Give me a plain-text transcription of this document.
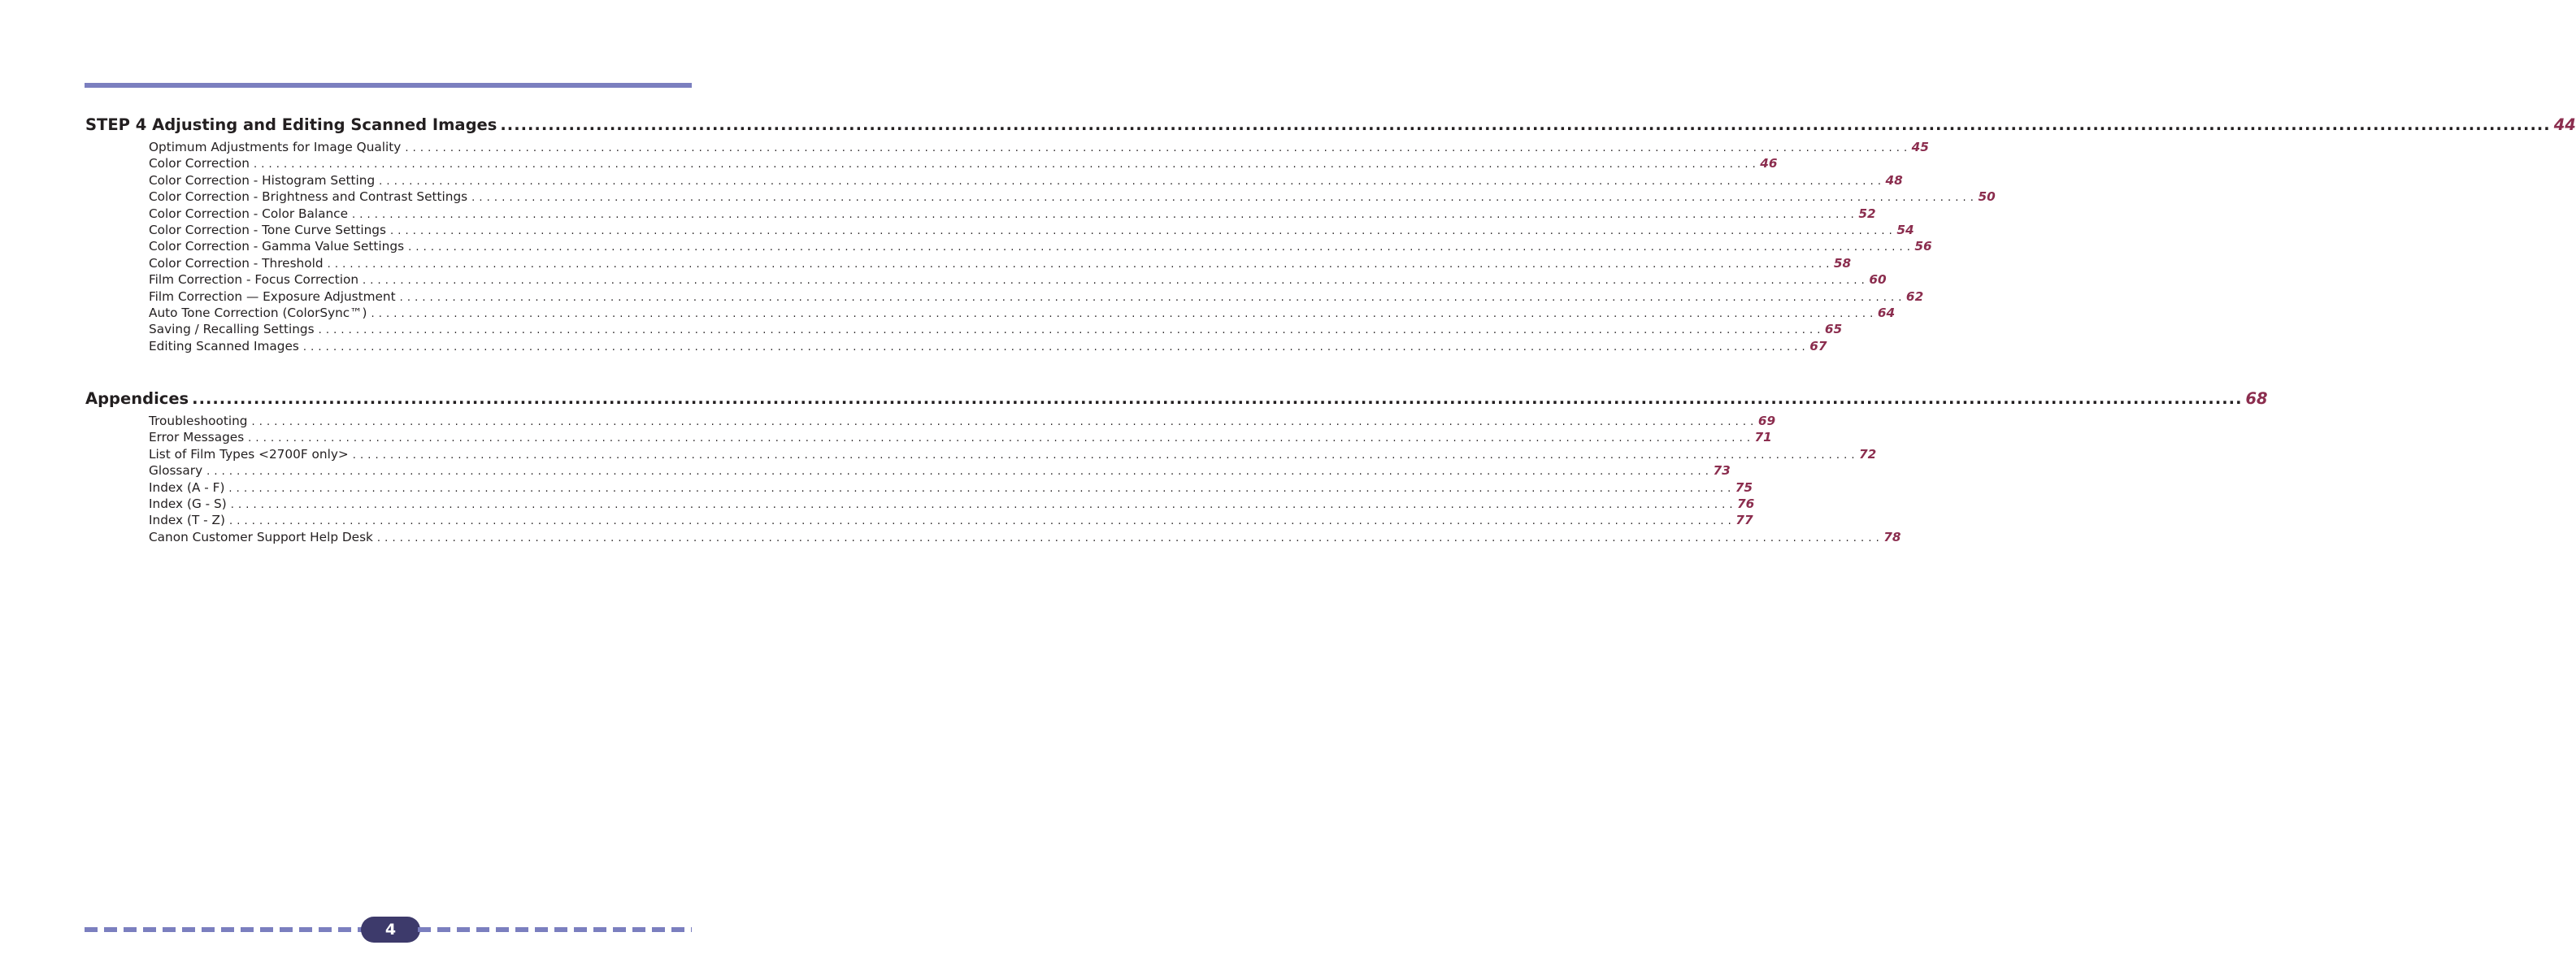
STEP 4 Adjusting and Editing Scanned Images ............................................................................................................................................................................................................................................................................................................ 44
Optimum Adjustments for Image Quality . . . . . . . . . . . . . . . . . . . . . . . . . . . . . . . . . . . . . . . . . . . . . . . . . . . . . . . . . . . . . . . . . . . . . . . . . . . . . . . . . . . . . . . . . . . . . . . . . . . . . . . . . . . . . . . . . . . . . . . . . . . . . . . . . . . . . . . . . . . . . . . . . . . . . . . . . . . . . . . . . . . . . . . . . . . . . . . . . . . . . . . . . . . . . . . . . . . . . . . . 45
Color Correction . . . . . . . . . . . . . . . . . . . . . . . . . . . . . . . . . . . . . . . . . . . . . . . . . . . . . . . . . . . . . . . . . . . . . . . . . . . . . . . . . . . . . . . . . . . . . . . . . . . . . . . . . . . . . . . . . . . . . . . . . . . . . . . . . . . . . . . . . . . . . . . . . . . . . . . . . . . . . . . . . . . . . . . . . . . . . . . . . . . . . . . . . . . . . . . . . . . . . . . . 46
Color Correction - Histogram Setting . . . . . . . . . . . . . . . . . . . . . . . . . . . . . . . . . . . . . . . . . . . . . . . . . . . . . . . . . . . . . . . . . . . . . . . . . . . . . . . . . . . . . . . . . . . . . . . . . . . . . . . . . . . . . . . . . . . . . . . . . . . . . . . . . . . . . . . . . . . . . . . . . . . . . . . . . . . . . . . . . . . . . . . . . . . . . . . . . . . . . . . . . . . . . . . . . . . . . . . . 48
Color Correction - Brightness and Contrast Settings . . . . . . . . . . . . . . . . . . . . . . . . . . . . . . . . . . . . . . . . . . . . . . . . . . . . . . . . . . . . . . . . . . . . . . . . . . . . . . . . . . . . . . . . . . . . . . . . . . . . . . . . . . . . . . . . . . . . . . . . . . . . . . . . . . . . . . . . . . . . . . . . . . . . . . . . . . . . . . . . . . . . . . . . . . . . . . . . . . . . . . . . . . . . . . . . . . . . . . . . 50
Color Correction - Color Balance . . . . . . . . . . . . . . . . . . . . . . . . . . . . . . . . . . . . . . . . . . . . . . . . . . . . . . . . . . . . . . . . . . . . . . . . . . . . . . . . . . . . . . . . . . . . . . . . . . . . . . . . . . . . . . . . . . . . . . . . . . . . . . . . . . . . . . . . . . . . . . . . . . . . . . . . . . . . . . . . . . . . . . . . . . . . . . . . . . . . . . . . . . . . . . . . . . . . . . . . 52
Color Correction - Tone Curve Settings . . . . . . . . . . . . . . . . . . . . . . . . . . . . . . . . . . . . . . . . . . . . . . . . . . . . . . . . . . . . . . . . . . . . . . . . . . . . . . . . . . . . . . . . . . . . . . . . . . . . . . . . . . . . . . . . . . . . . . . . . . . . . . . . . . . . . . . . . . . . . . . . . . . . . . . . . . . . . . . . . . . . . . . . . . . . . . . . . . . . . . . . . . . . . . . . . . . . . . . . 54
Color Correction - Gamma Value Settings . . . . . . . . . . . . . . . . . . . . . . . . . . . . . . . . . . . . . . . . . . . . . . . . . . . . . . . . . . . . . . . . . . . . . . . . . . . . . . . . . . . . . . . . . . . . . . . . . . . . . . . . . . . . . . . . . . . . . . . . . . . . . . . . . . . . . . . . . . . . . . . . . . . . . . . . . . . . . . . . . . . . . . . . . . . . . . . . . . . . . . . . . . . . . . . . . . . . . . . . 56
Color Correction - Threshold . . . . . . . . . . . . . . . . . . . . . . . . . . . . . . . . . . . . . . . . . . . . . . . . . . . . . . . . . . . . . . . . . . . . . . . . . . . . . . . . . . . . . . . . . . . . . . . . . . . . . . . . . . . . . . . . . . . . . . . . . . . . . . . . . . . . . . . . . . . . . . . . . . . . . . . . . . . . . . . . . . . . . . . . . . . . . . . . . . . . . . . . . . . . . . . . . . . . . . . . 58
Film Correction - Focus Correction . . . . . . . . . . . . . . . . . . . . . . . . . . . . . . . . . . . . . . . . . . . . . . . . . . . . . . . . . . . . . . . . . . . . . . . . . . . . . . . . . . . . . . . . . . . . . . . . . . . . . . . . . . . . . . . . . . . . . . . . . . . . . . . . . . . . . . . . . . . . . . . . . . . . . . . . . . . . . . . . . . . . . . . . . . . . . . . . . . . . . . . . . . . . . . . . . . . . . . . . 60
Film Correction — Exposure Adjustment . . . . . . . . . . . . . . . . . . . . . . . . . . . . . . . . . . . . . . . . . . . . . . . . . . . . . . . . . . . . . . . . . . . . . . . . . . . . . . . . . . . . . . . . . . . . . . . . . . . . . . . . . . . . . . . . . . . . . . . . . . . . . . . . . . . . . . . . . . . . . . . . . . . . . . . . . . . . . . . . . . . . . . . . . . . . . . . . . . . . . . . . . . . . . . . . . . . . . . . . 62
Auto Tone Correction (ColorSync™) . . . . . . . . . . . . . . . . . . . . . . . . . . . . . . . . . . . . . . . . . . . . . . . . . . . . . . . . . . . . . . . . . . . . . . . . . . . . . . . . . . . . . . . . . . . . . . . . . . . . . . . . . . . . . . . . . . . . . . . . . . . . . . . . . . . . . . . . . . . . . . . . . . . . . . . . . . . . . . . . . . . . . . . . . . . . . . . . . . . . . . . . . . . . . . . . . . . . . . . . 64
Saving / Recalling Settings . . . . . . . . . . . . . . . . . . . . . . . . . . . . . . . . . . . . . . . . . . . . . . . . . . . . . . . . . . . . . . . . . . . . . . . . . . . . . . . . . . . . . . . . . . . . . . . . . . . . . . . . . . . . . . . . . . . . . . . . . . . . . . . . . . . . . . . . . . . . . . . . . . . . . . . . . . . . . . . . . . . . . . . . . . . . . . . . . . . . . . . . . . . . . . . . . . . . . . . . 65
Editing Scanned Images . . . . . . . . . . . . . . . . . . . . . . . . . . . . . . . . . . . . . . . . . . . . . . . . . . . . . . . . . . . . . . . . . . . . . . . . . . . . . . . . . . . . . . . . . . . . . . . . . . . . . . . . . . . . . . . . . . . . . . . . . . . . . . . . . . . . . . . . . . . . . . . . . . . . . . . . . . . . . . . . . . . . . . . . . . . . . . . . . . . . . . . . . . . . . . . . . . . . . . . . 67
Appendices ............................................................................................................................................................................................................................................................................................................ 68
Troubleshooting . . . . . . . . . . . . . . . . . . . . . . . . . . . . . . . . . . . . . . . . . . . . . . . . . . . . . . . . . . . . . . . . . . . . . . . . . . . . . . . . . . . . . . . . . . . . . . . . . . . . . . . . . . . . . . . . . . . . . . . . . . . . . . . . . . . . . . . . . . . . . . . . . . . . . . . . . . . . . . . . . . . . . . . . . . . . . . . . . . . . . . . . . . . . . . . . . . . . . . . . 69
Error Messages . . . . . . . . . . . . . . . . . . . . . . . . . . . . . . . . . . . . . . . . . . . . . . . . . . . . . . . . . . . . . . . . . . . . . . . . . . . . . . . . . . . . . . . . . . . . . . . . . . . . . . . . . . . . . . . . . . . . . . . . . . . . . . . . . . . . . . . . . . . . . . . . . . . . . . . . . . . . . . . . . . . . . . . . . . . . . . . . . . . . . . . . . . . . . . . . . . . . . . . . 71
List of Film Types <2700F only> . . . . . . . . . . . . . . . . . . . . . . . . . . . . . . . . . . . . . . . . . . . . . . . . . . . . . . . . . . . . . . . . . . . . . . . . . . . . . . . . . . . . . . . . . . . . . . . . . . . . . . . . . . . . . . . . . . . . . . . . . . . . . . . . . . . . . . . . . . . . . . . . . . . . . . . . . . . . . . . . . . . . . . . . . . . . . . . . . . . . . . . . . . . . . . . . . . . . . . . . 72
Glossary . . . . . . . . . . . . . . . . . . . . . . . . . . . . . . . . . . . . . . . . . . . . . . . . . . . . . . . . . . . . . . . . . . . . . . . . . . . . . . . . . . . . . . . . . . . . . . . . . . . . . . . . . . . . . . . . . . . . . . . . . . . . . . . . . . . . . . . . . . . . . . . . . . . . . . . . . . . . . . . . . . . . . . . . . . . . . . . . . . . . . . . . . . . . . . . . . . . . . . . . 73
Index (A - F) . . . . . . . . . . . . . . . . . . . . . . . . . . . . . . . . . . . . . . . . . . . . . . . . . . . . . . . . . . . . . . . . . . . . . . . . . . . . . . . . . . . . . . . . . . . . . . . . . . . . . . . . . . . . . . . . . . . . . . . . . . . . . . . . . . . . . . . . . . . . . . . . . . . . . . . . . . . . . . . . . . . . . . . . . . . . . . . . . . . . . . . . . . . . . . . . . . . . . . . . 75
Index (G - S) . . . . . . . . . . . . . . . . . . . . . . . . . . . . . . . . . . . . . . . . . . . . . . . . . . . . . . . . . . . . . . . . . . . . . . . . . . . . . . . . . . . . . . . . . . . . . . . . . . . . . . . . . . . . . . . . . . . . . . . . . . . . . . . . . . . . . . . . . . . . . . . . . . . . . . . . . . . . . . . . . . . . . . . . . . . . . . . . . . . . . . . . . . . . . . . . . . . . . . . . 76
Index (T - Z) . . . . . . . . . . . . . . . . . . . . . . . . . . . . . . . . . . . . . . . . . . . . . . . . . . . . . . . . . . . . . . . . . . . . . . . . . . . . . . . . . . . . . . . . . . . . . . . . . . . . . . . . . . . . . . . . . . . . . . . . . . . . . . . . . . . . . . . . . . . . . . . . . . . . . . . . . . . . . . . . . . . . . . . . . . . . . . . . . . . . . . . . . . . . . . . . . . . . . . . . 77
Canon Customer Support Help Desk . . . . . . . . . . . . . . . . . . . . . . . . . . . . . . . . . . . . . . . . . . . . . . . . . . . . . . . . . . . . . . . . . . . . . . . . . . . . . . . . . . . . . . . . . . . . . . . . . . . . . . . . . . . . . . . . . . . . . . . . . . . . . . . . . . . . . . . . . . . . . . . . . . . . . . . . . . . . . . . . . . . . . . . . . . . . . . . . . . . . . . . . . . . . . . . . . . . . . . . . 78
4
